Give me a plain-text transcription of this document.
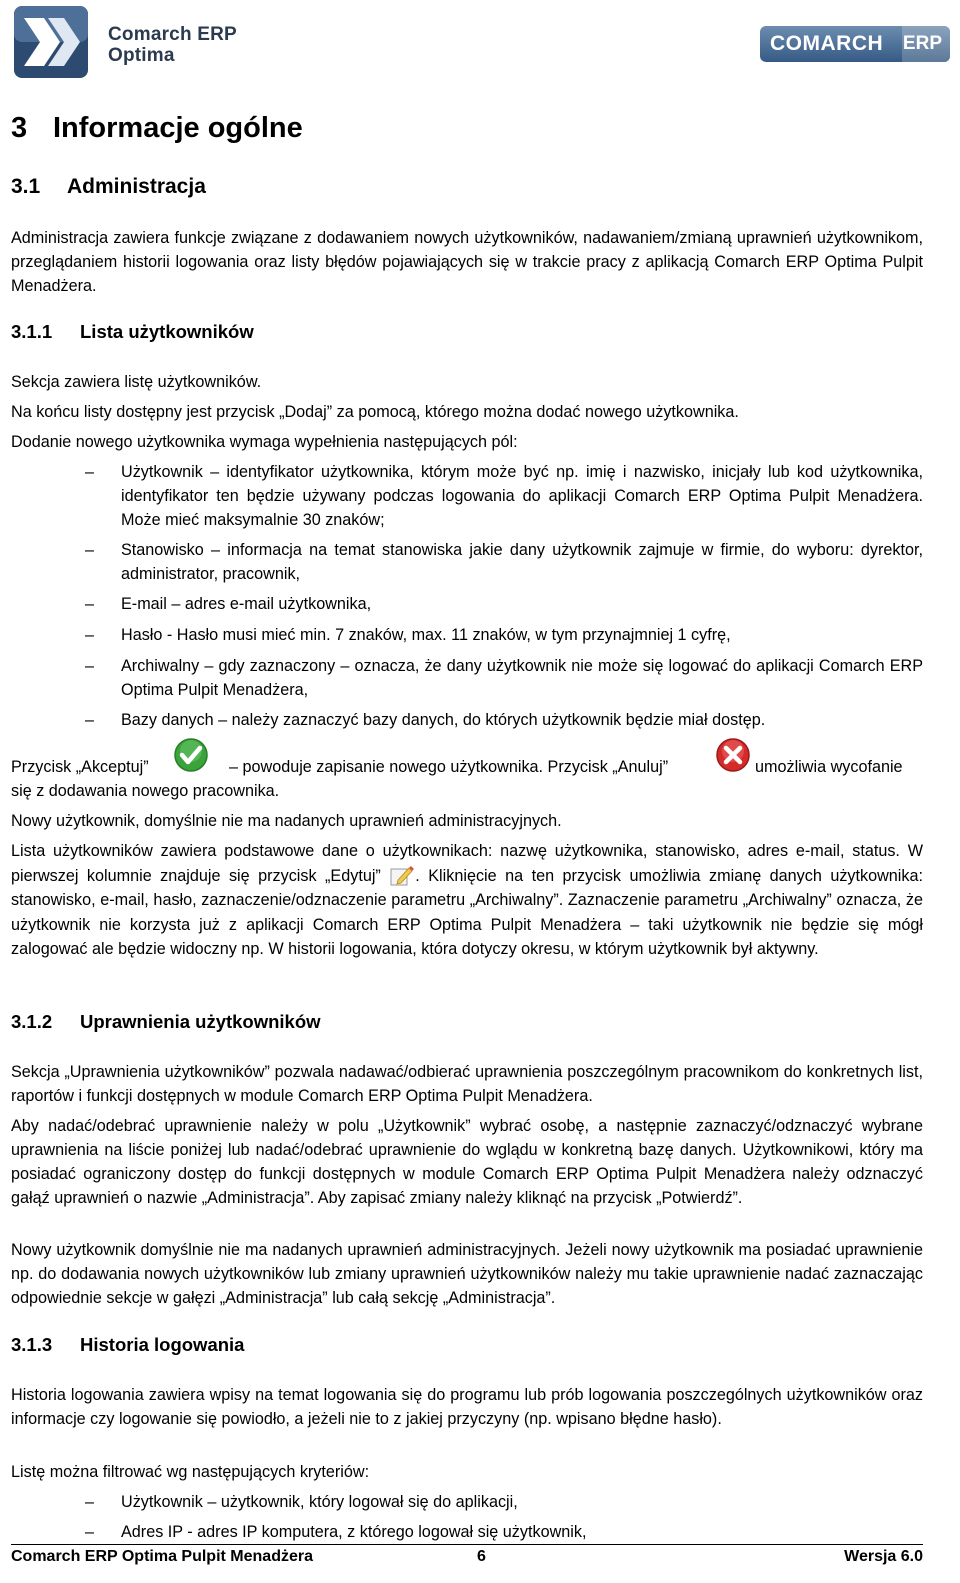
Comarch ERP
Optima
COMARCH ERP
3 Informacje ogólne
3.1 Administracja
Administracja zawiera funkcje związane z dodawaniem nowych użytkowników, nadawaniem/zmianą uprawnień użytkownikom, przeglądaniem historii logowania oraz listy błędów pojawiających się w trakcie pracy z aplikacją Comarch ERP Optima Pulpit Menadżera.
3.1.1 Lista użytkowników
Sekcja zawiera listę użytkowników.
Na końcu listy dostępny jest przycisk „Dodaj” za pomocą, którego można dodać nowego użytkownika.
Dodanie nowego użytkownika wymaga wypełnienia następujących pól:
–	Użytkownik – identyfikator użytkownika, którym może być np. imię i nazwisko, inicjały lub kod użytkownika, identyfikator ten będzie używany podczas logowania do aplikacji Comarch ERP Optima Pulpit Menadżera. Może mieć maksymalnie 30 znaków;
–	Stanowisko – informacja na temat stanowiska jakie dany użytkownik zajmuje w firmie, do wyboru: dyrektor, administrator, pracownik,
–	E-mail – adres e-mail użytkownika,
–	Hasło - Hasło musi mieć min. 7 znaków, max. 11 znaków, w tym przynajmniej 1 cyfrę,
–	Archiwalny – gdy zaznaczony – oznacza, że dany użytkownik nie może się logować do aplikacji Comarch ERP Optima Pulpit Menadżera,
–	Bazy danych – należy zaznaczyć bazy danych, do których użytkownik będzie miał dostęp.
Przycisk „Akceptuj”	– powoduje zapisanie nowego użytkownika. Przycisk „Anuluj”	umożliwia wycofanie się z dodawania nowego pracownika.
Nowy użytkownik, domyślnie nie ma nadanych uprawnień administracyjnych.
Lista użytkowników zawiera podstawowe dane o użytkownikach: nazwę użytkownika, stanowisko, adres e-mail, status. W pierwszej kolumnie znajduje się przycisk „Edytuj” . Kliknięcie na ten przycisk umożliwia zmianę danych użytkownika: stanowisko, e-mail, hasło, zaznaczenie/odznaczenie parametru „Archiwalny”. Zaznaczenie parametru „Archiwalny” oznacza, że użytkownik nie korzysta już z aplikacji Comarch ERP Optima Pulpit Menadżera – taki użytkownik nie będzie się mógł zalogować ale będzie widoczny np. W historii logowania, która dotyczy okresu, w którym użytkownik był aktywny.
3.1.2 Uprawnienia użytkowników
Sekcja „Uprawnienia użytkowników” pozwala nadawać/odbierać uprawnienia poszczególnym pracownikom do konkretnych list, raportów i funkcji dostępnych w module Comarch ERP Optima Pulpit Menadżera.
Aby nadać/odebrać uprawnienie należy w polu „Użytkownik” wybrać osobę, a następnie zaznaczyć/odznaczyć wybrane uprawnienia na liście poniżej lub nadać/odebrać uprawnienie do wglądu w konkretną bazę danych. Użytkownikowi, który ma posiadać ograniczony dostęp do funkcji dostępnych w module Comarch ERP Optima Pulpit Menadżera należy odznaczyć gałąź uprawnień o nazwie „Administracja”. Aby zapisać zmiany należy kliknąć na przycisk „Potwierdź”.
Nowy użytkownik domyślnie nie ma nadanych uprawnień administracyjnych. Jeżeli nowy użytkownik ma posiadać uprawnienie np. do dodawania nowych użytkowników lub zmiany uprawnień użytkowników należy mu takie uprawnienie nadać zaznaczając odpowiednie sekcje w gałęzi „Administracja” lub całą sekcję „Administracja”.
3.1.3 Historia logowania
Historia logowania zawiera wpisy na temat logowania się do programu lub prób logowania poszczególnych użytkowników oraz informacje czy logowanie się powiodło, a jeżeli nie to z jakiej przyczyny (np. wpisano błędne hasło).
Listę można filtrować wg następujących kryteriów:
–	Użytkownik – użytkownik, który logował się do aplikacji,
–	Adres IP - adres IP komputera, z którego logował się użytkownik,
Comarch ERP Optima Pulpit Menadżera	6	Wersja 6.0
